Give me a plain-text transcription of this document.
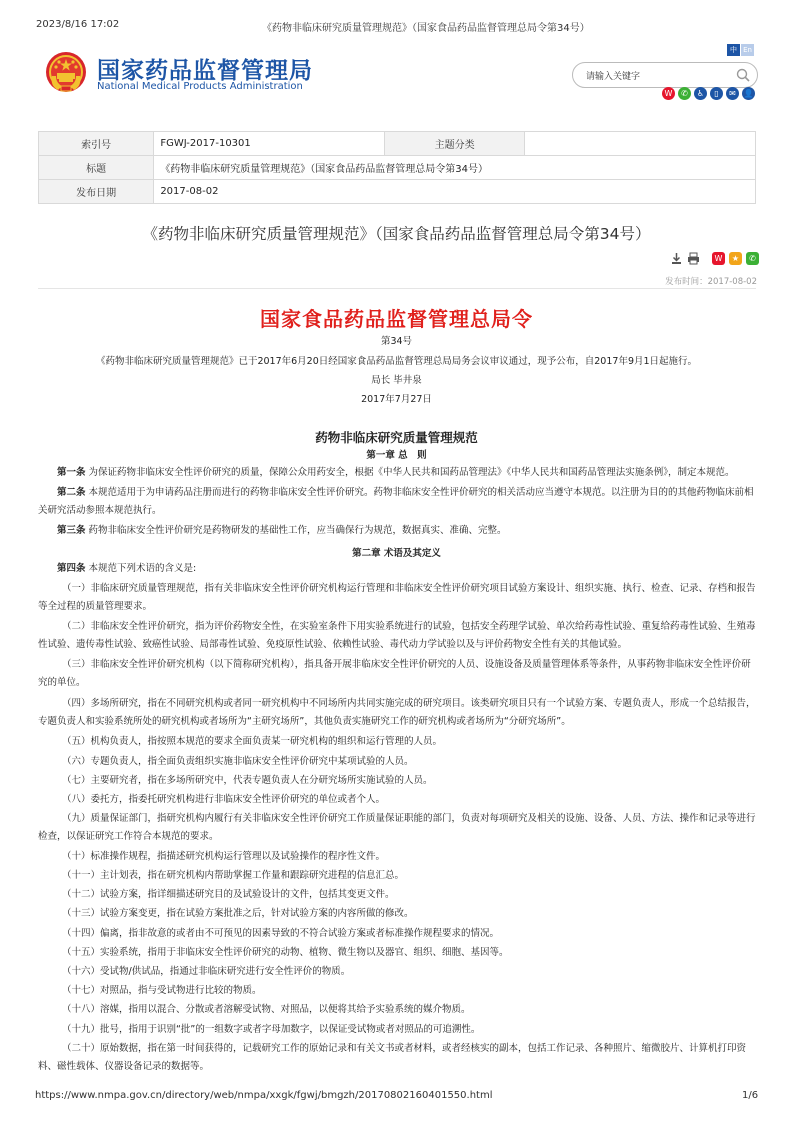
2023/8/16 17:02	《药物非临床研究质量管理规范》（国家食品药品监督管理总局令第34号）
国家药品监督管理局
National Medical Products Administration
中 En
请输入关键字
W	✆	♿	▯	✉ 👤
索引号	FGWJ-2017-10301	主题分类	
标题	《药物非临床研究质量管理规范》（国家食品药品监督管理总局令第34号）		
发布日期	2017-08-02		
《药物非临床研究质量管理规范》（国家食品药品监督管理总局令第34号）
W	★	✆
发布时间：2017-08-02
国家食品药品监督管理总局令
第34号
《药物非临床研究质量管理规范》已于2017年6月20日经国家食品药品监督管理总局局务会议审议通过，现予公布，自2017年9月1日起施行。
局长 毕井泉
2017年7月27日
药物非临床研究质量管理规范
第一章 总　则
第一条 为保证药物非临床安全性评价研究的质量，保障公众用药安全，根据《中华人民共和国药品管理法》《中华人民共和国药品管理法实施条例》，制定本规范。
第二条 本规范适用于为申请药品注册而进行的药物非临床安全性评价研究。药物非临床安全性评价研究的相关活动应当遵守本规范。以注册为目的的其他药物临床前相关研究活动参照本规范执行。
第三条 药物非临床安全性评价研究是药物研发的基础性工作，应当确保行为规范，数据真实、准确、完整。
第二章 术语及其定义
第四条 本规范下列术语的含义是:
（一）非临床研究质量管理规范，指有关非临床安全性评价研究机构运行管理和非临床安全性评价研究项目试验方案设计、组织实施、执行、检查、记录、存档和报告等全过程的质量管理要求。
（二）非临床安全性评价研究，指为评价药物安全性，在实验室条件下用实验系统进行的试验，包括安全药理学试验、单次给药毒性试验、重复给药毒性试验、生殖毒性试验、遗传毒性试验、致癌性试验、局部毒性试验、免疫原性试验、依赖性试验、毒代动力学试验以及与评价药物安全性有关的其他试验。
（三）非临床安全性评价研究机构（以下简称研究机构），指具备开展非临床安全性评价研究的人员、设施设备及质量管理体系等条件，从事药物非临床安全性评价研究的单位。
（四）多场所研究，指在不同研究机构或者同一研究机构中不同场所内共同实施完成的研究项目。该类研究项目只有一个试验方案、专题负责人，形成一个总结报告，专题负责人和实验系统所处的研究机构或者场所为“主研究场所”，其他负责实施研究工作的研究机构或者场所为“分研究场所”。
（五）机构负责人，指按照本规范的要求全面负责某一研究机构的组织和运行管理的人员。
（六）专题负责人，指全面负责组织实施非临床安全性评价研究中某项试验的人员。
（七）主要研究者，指在多场所研究中，代表专题负责人在分研究场所实施试验的人员。
（八）委托方，指委托研究机构进行非临床安全性评价研究的单位或者个人。
（九）质量保证部门，指研究机构内履行有关非临床安全性评价研究工作质量保证职能的部门，负责对每项研究及相关的设施、设备、人员、方法、操作和记录等进行检查，以保证研究工作符合本规范的要求。
（十）标准操作规程，指描述研究机构运行管理以及试验操作的程序性文件。
（十一）主计划表，指在研究机构内帮助掌握工作量和跟踪研究进程的信息汇总。
（十二）试验方案，指详细描述研究目的及试验设计的文件，包括其变更文件。
（十三）试验方案变更，指在试验方案批准之后，针对试验方案的内容所做的修改。
（十四）偏离，指非故意的或者由不可预见的因素导致的不符合试验方案或者标准操作规程要求的情况。
（十五）实验系统，指用于非临床安全性评价研究的动物、植物、微生物以及器官、组织、细胞、基因等。
（十六）受试物/供试品，指通过非临床研究进行安全性评价的物质。
（十七）对照品，指与受试物进行比较的物质。
（十八）溶媒，指用以混合、分散或者溶解受试物、对照品，以便将其给予实验系统的媒介物质。
（十九）批号，指用于识别“批”的一组数字或者字母加数字，以保证受试物或者对照品的可追溯性。
（二十）原始数据，指在第一时间获得的，记载研究工作的原始记录和有关文书或者材料，或者经核实的副本，包括工作记录、各种照片、缩微胶片、计算机打印资料、磁性载体、仪器设备记录的数据等。
https://www.nmpa.gov.cn/directory/web/nmpa/xxgk/fgwj/bmgzh/20170802160401550.html	1/6
